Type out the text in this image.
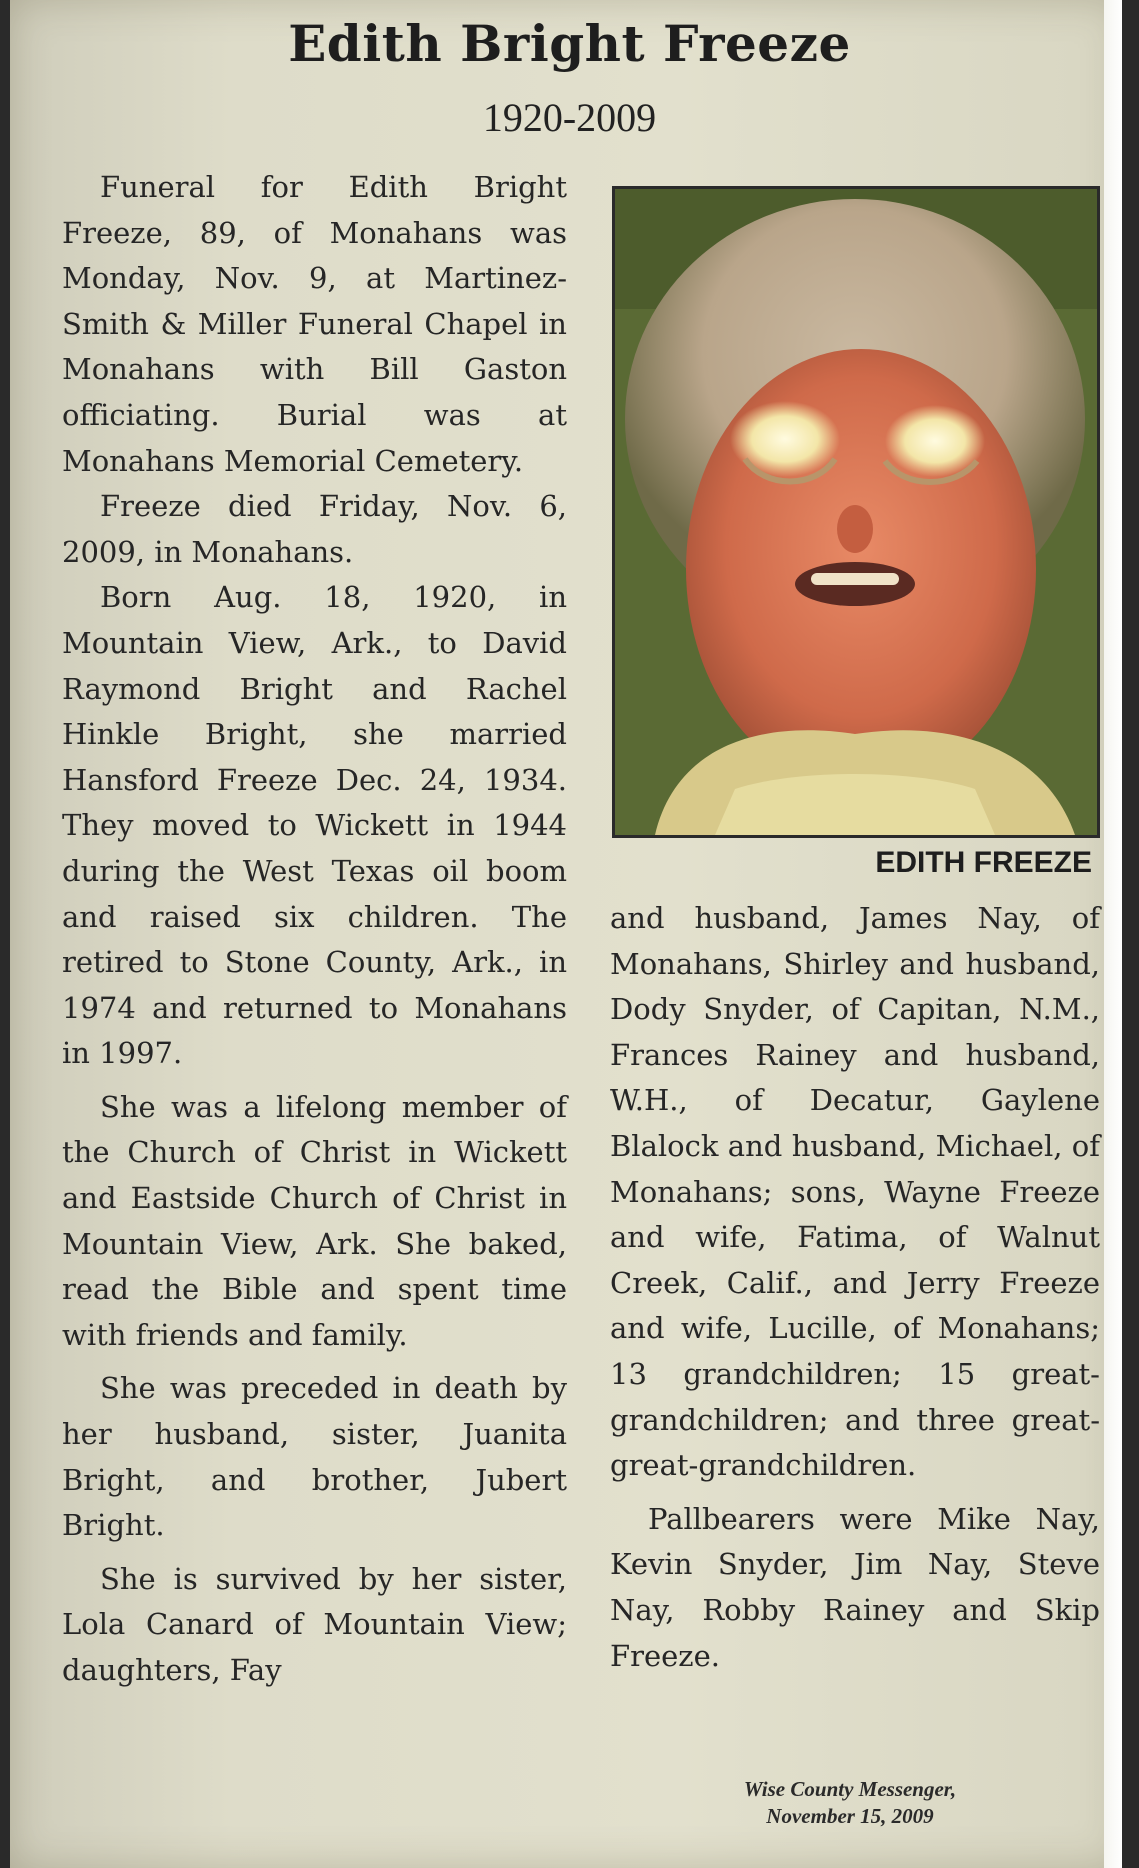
Edith Bright Freeze
1920-2009

Funeral for Edith Bright Freeze, 89, of Monahans was Monday, Nov. 9, at Martinez-Smith & Miller Funeral Chapel in Monahans with Bill Gaston officiating. Burial was at Monahans Memorial Cemetery.

Freeze died Friday, Nov. 6, 2009, in Monahans.

Born Aug. 18, 1920, in Mountain View, Ark., to David Raymond Bright and Rachel Hinkle Bright, she married Hansford Freeze Dec. 24, 1934. They moved to Wickett in 1944 during the West Texas oil boom and raised six children. The retired to Stone County, Ark., in 1974 and returned to Monahans in 1997.

She was a lifelong member of the Church of Christ in Wickett and Eastside Church of Christ in Mountain View, Ark. She baked, read the Bible and spent time with friends and family.

She was preceded in death by her husband, sister, Juanita Bright, and brother, Jubert Bright.

She is survived by her sister, Lola Canard of Mountain View; daughters, Fay

EDITH FREEZE

and husband, James Nay, of Monahans, Shirley and husband, Dody Snyder, of Capitan, N.M., Frances Rainey and husband, W.H., of Decatur, Gaylene Blalock and husband, Michael, of Monahans; sons, Wayne Freeze and wife, Fatima, of Walnut Creek, Calif., and Jerry Freeze and wife, Lucille, of Monahans; 13 grandchildren; 15 great-grandchildren; and three great-great-grandchildren.

Pallbearers were Mike Nay, Kevin Snyder, Jim Nay, Steve Nay, Robby Rainey and Skip Freeze.

Wise County Messenger,
November 15, 2009
